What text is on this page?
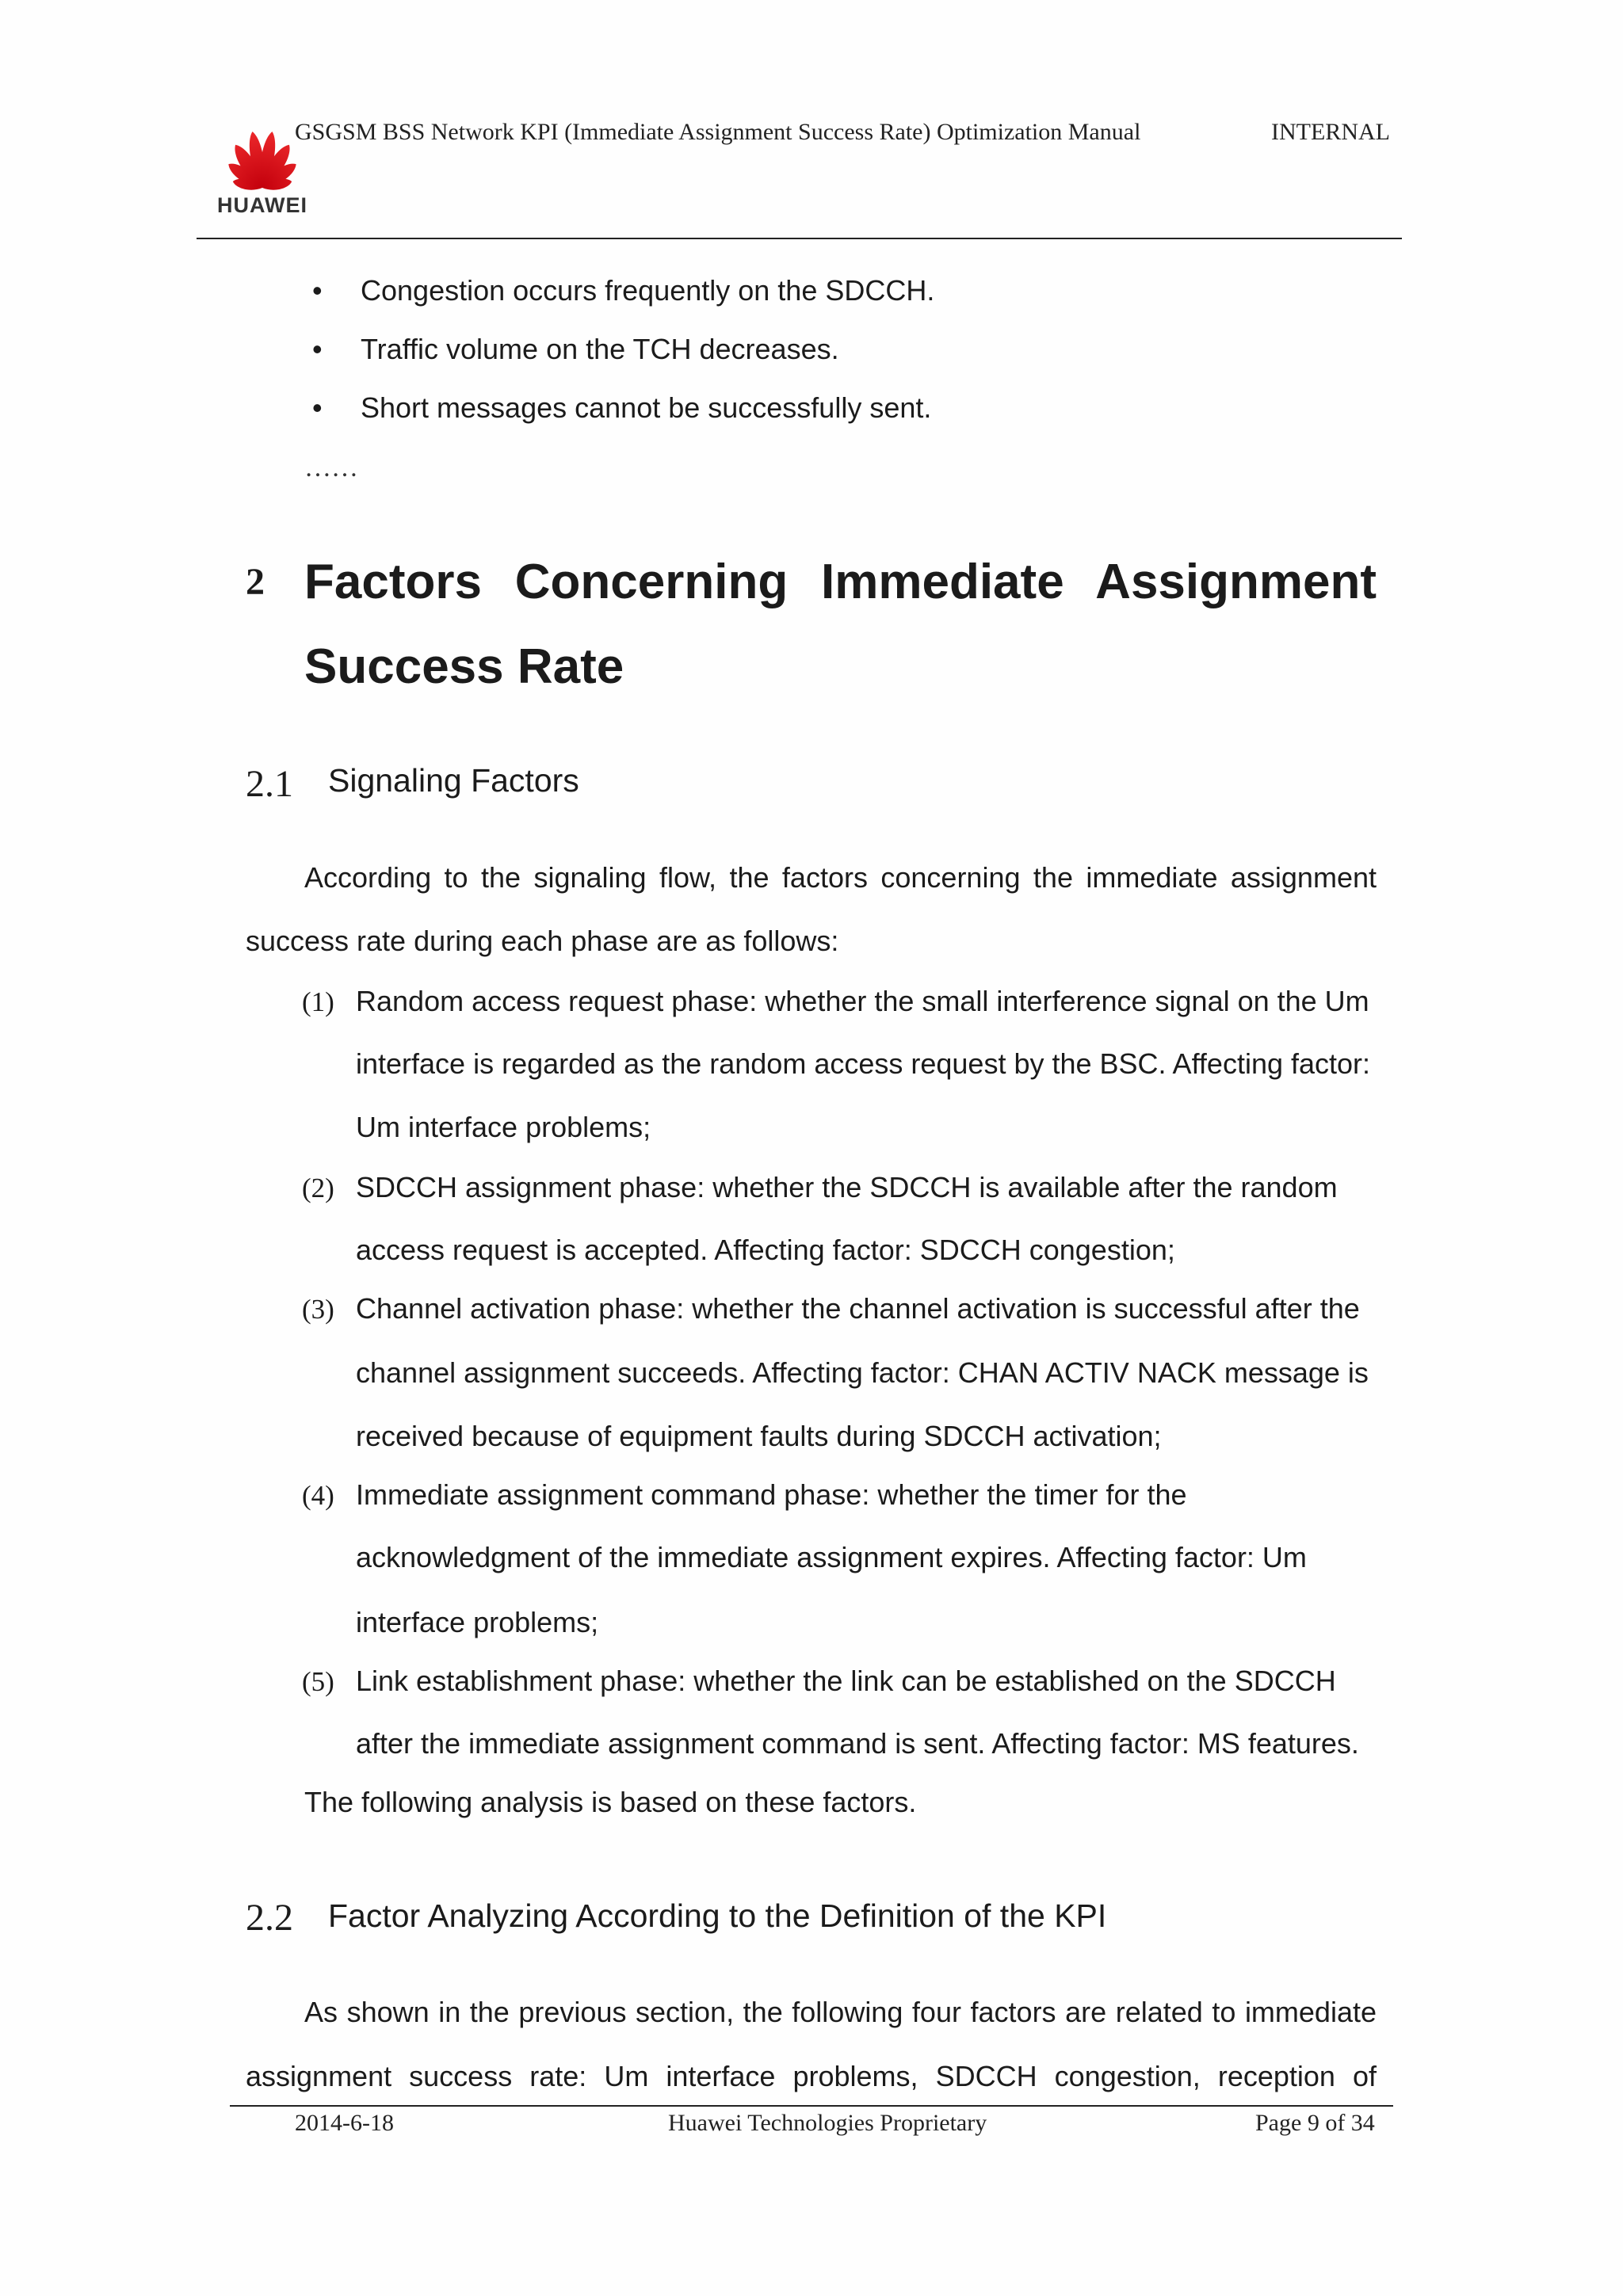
HUAWEI
GSGSM BSS Network KPI (Immediate Assignment Success Rate) Optimization Manual	INTERNAL
• Congestion occurs frequently on the SDCCH.
• Traffic volume on the TCH decreases.
• Short messages cannot be successfully sent.
……
2 Factors Concerning Immediate Assignment
Success Rate
2.1 Signaling Factors
According to the signaling flow, the factors concerning the immediate assignment
success rate during each phase are as follows:
(1) Random access request phase: whether the small interference signal on the Um
interface is regarded as the random access request by the BSC. Affecting factor:
Um interface problems;
(2) SDCCH assignment phase: whether the SDCCH is available after the random
access request is accepted. Affecting factor: SDCCH congestion;
(3) Channel activation phase: whether the channel activation is successful after the
channel assignment succeeds. Affecting factor: CHAN ACTIV NACK message is
received because of equipment faults during SDCCH activation;
(4) Immediate assignment command phase: whether the timer for the
acknowledgment of the immediate assignment expires. Affecting factor: Um
interface problems;
(5) Link establishment phase: whether the link can be established on the SDCCH
after the immediate assignment command is sent. Affecting factor: MS features.
The following analysis is based on these factors.
2.2 Factor Analyzing According to the Definition of the KPI
As shown in the previous section, the following four factors are related to immediate
assignment success rate: Um interface problems, SDCCH congestion, reception of
2014-6-18	Huawei Technologies Proprietary	Page 9 of 34
